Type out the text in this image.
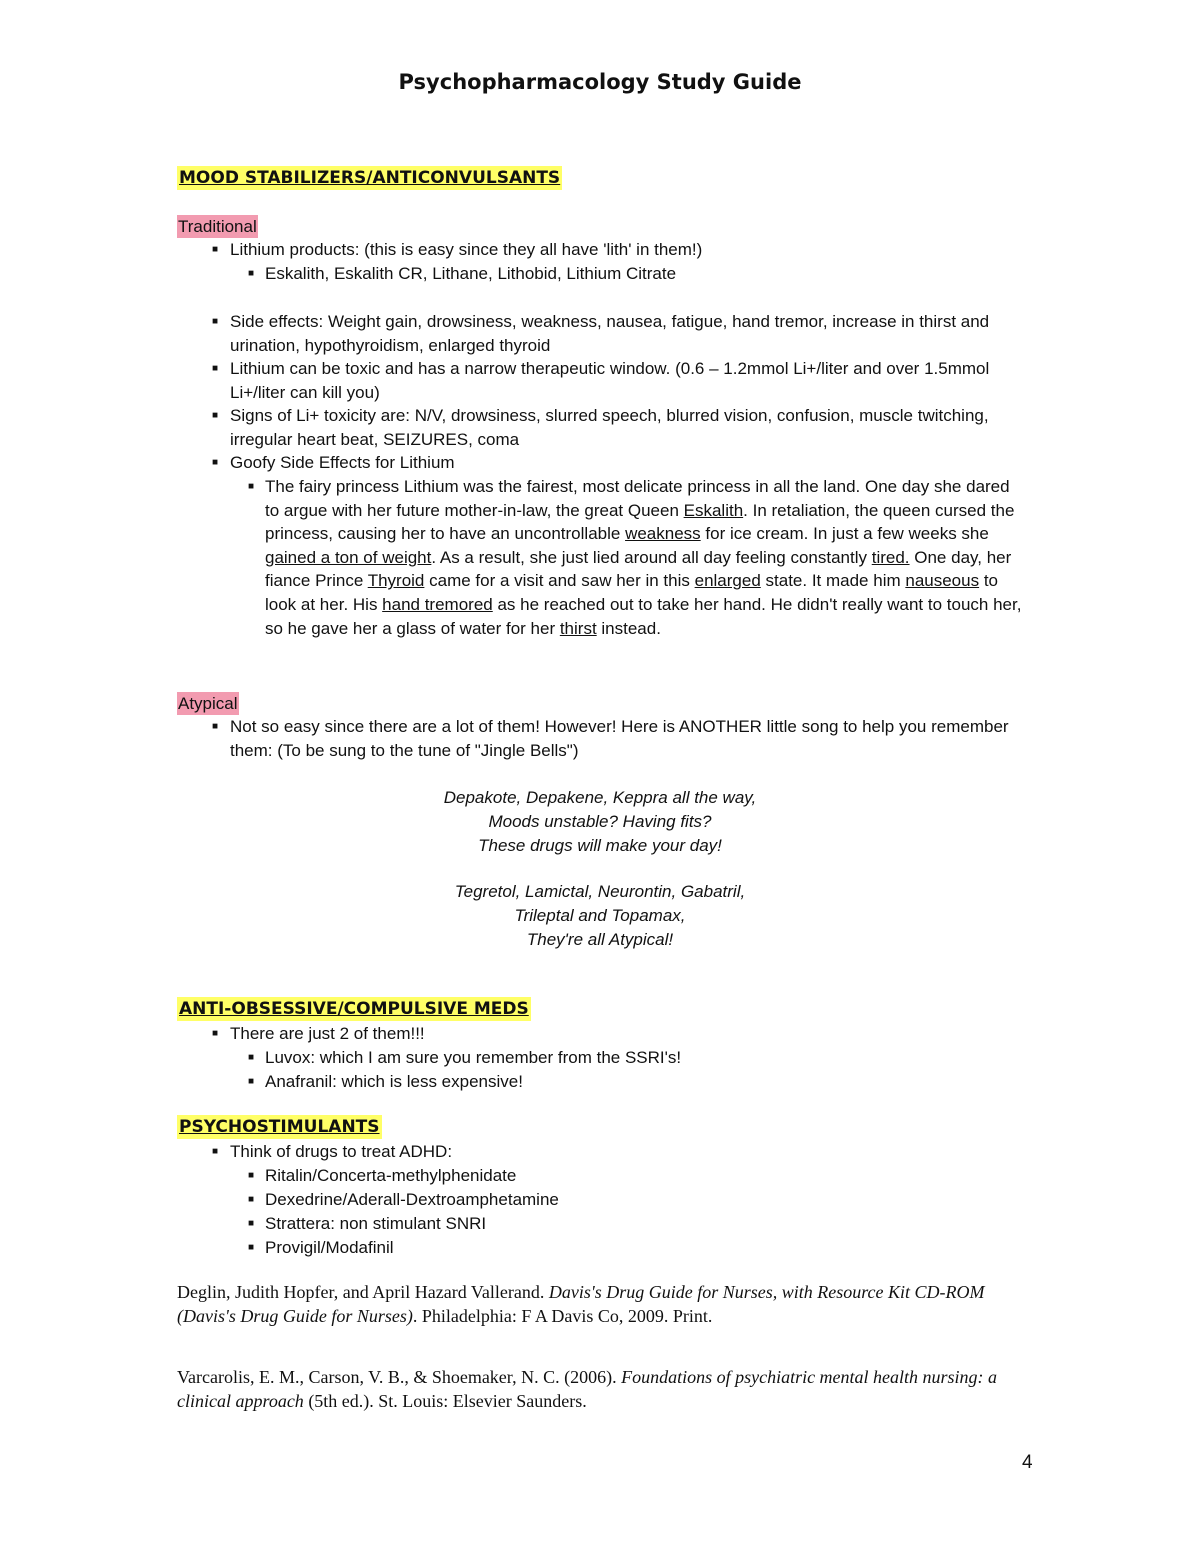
Psychopharmacology Study Guide
MOOD STABILIZERS/ANTICONVULSANTS
Traditional
■ Lithium products: (this is easy since they all have 'lith' in them!)
■ Eskalith, Eskalith CR, Lithane, Lithobid, Lithium Citrate
■ Side effects: Weight gain, drowsiness, weakness, nausea, fatigue, hand tremor, increase in thirst and urination, hypothyroidism, enlarged thyroid
■ Lithium can be toxic and has a narrow therapeutic window. (0.6 – 1.2mmol Li+/liter and over 1.5mmol Li+/liter can kill you)
■ Signs of Li+ toxicity are: N/V, drowsiness, slurred speech, blurred vision, confusion, muscle twitching, irregular heart beat, SEIZURES, coma
■ Goofy Side Effects for Lithium
■ The fairy princess Lithium was the fairest, most delicate princess in all the land. One day she dared to argue with her future mother-in-law, the great Queen Eskalith. In retaliation, the queen cursed the princess, causing her to have an uncontrollable weakness for ice cream. In just a few weeks she gained a ton of weight. As a result, she just lied around all day feeling constantly tired. One day, her fiance Prince Thyroid came for a visit and saw her in this enlarged state. It made him nauseous to look at her. His hand tremored as he reached out to take her hand. He didn't really want to touch her, so he gave her a glass of water for her thirst instead.
Atypical
■ Not so easy since there are a lot of them! However! Here is ANOTHER little song to help you remember them: (To be sung to the tune of "Jingle Bells")
Depakote, Depakene, Keppra all the way,
Moods unstable? Having fits?
These drugs will make your day!
Tegretol, Lamictal, Neurontin, Gabatril,
Trileptal and Topamax,
They're all Atypical!
ANTI-OBSESSIVE/COMPULSIVE MEDS
■ There are just 2 of them!!!
■ Luvox: which I am sure you remember from the SSRI's!
■ Anafranil: which is less expensive!
PSYCHOSTIMULANTS
■ Think of drugs to treat ADHD:
■ Ritalin/Concerta-methylphenidate
■ Dexedrine/Aderall-Dextroamphetamine
■ Strattera: non stimulant SNRI
■ Provigil/Modafinil
Deglin, Judith Hopfer, and April Hazard Vallerand. Davis's Drug Guide for Nurses, with Resource Kit CD-ROM (Davis's Drug Guide for Nurses). Philadelphia: F A Davis Co, 2009. Print.
Varcarolis, E. M., Carson, V. B., & Shoemaker, N. C. (2006). Foundations of psychiatric mental health nursing: a clinical approach (5th ed.). St. Louis: Elsevier Saunders.
4
